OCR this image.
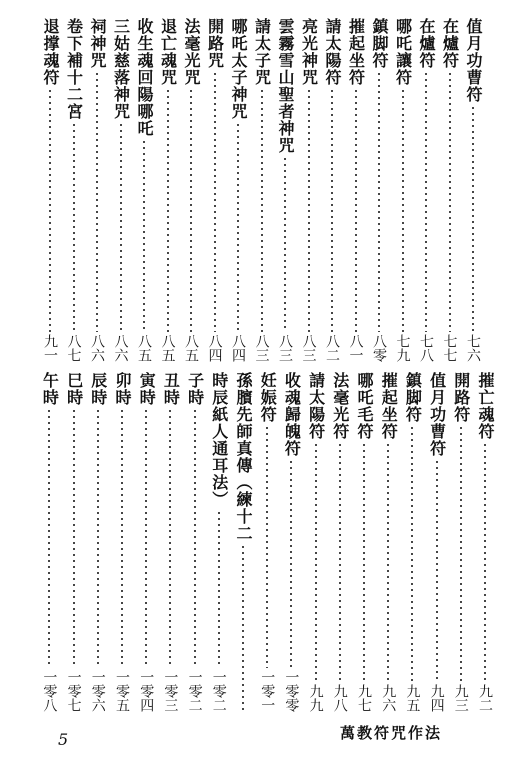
值月功曹符
七六
在爐符
七七
在爐符
七八
哪吒讓符
七九
鎮脚符
八零
摧起坐符
八一
請太陽符
八二
亮光神咒
八三
雲霧雪山聖者神咒
八三
請太子咒
八三
哪吒太子神咒
八四
開路咒
八四
法毫光咒
八五
退亡魂咒
八五
收生魂回陽哪吒
八五
三姑慈落神咒
八六
祠神咒
八六
卷下補十二宮
八七
退撑魂符
九一
摧亡魂符
九二
開路符
九三
值月功曹符
九四
鎮脚符
九五
摧起坐符
九六
哪吒毛符
九七
法毫光符
九八
請太陽符
九九
收魂歸魄符
一零零
妊娠符
一零一
孫臏先師真傳（練十二
時辰紙人通耳法）
一零二
子時
一零二
丑時
一零三
寅時
一零四
卯時
一零五
辰時
一零六
巳時
一零七
午時
一零八
5	萬教符咒作法
